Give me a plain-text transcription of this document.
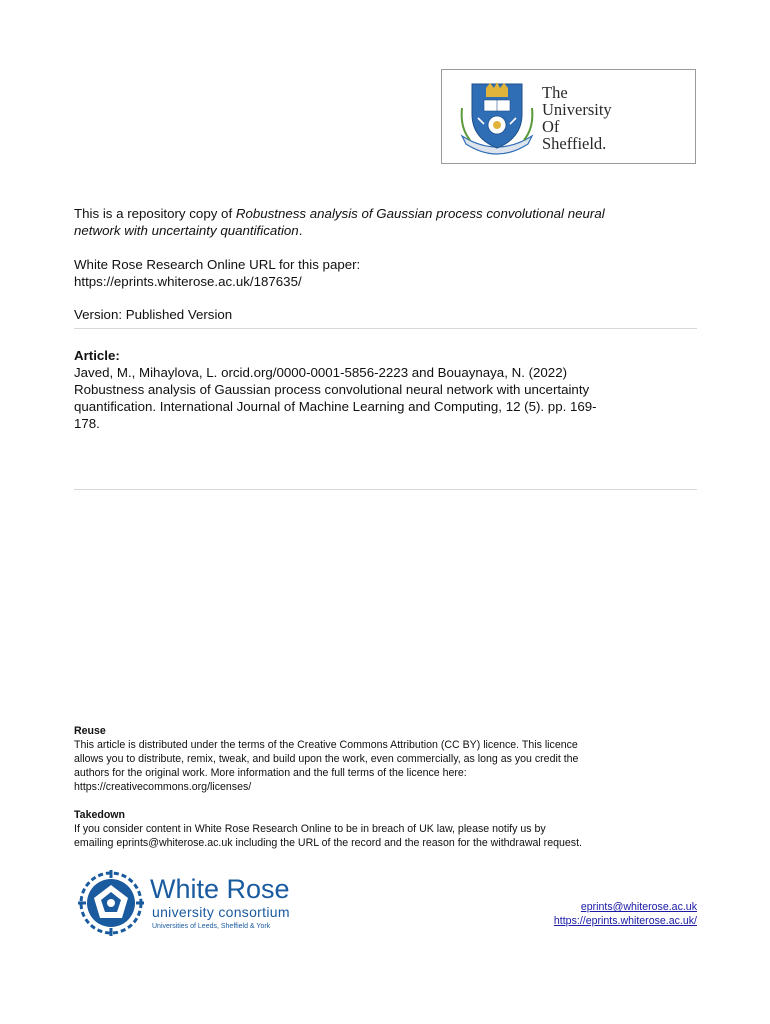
The
University
Of
Sheffield.
This is a repository copy of Robustness analysis of Gaussian process convolutional neural
network with uncertainty quantification.
White Rose Research Online URL for this paper:
https://eprints.whiterose.ac.uk/187635/
Version: Published Version
Article:
Javed, M., Mihaylova, L. orcid.org/0000-0001-5856-2223 and Bouaynaya, N. (2022)
Robustness analysis of Gaussian process convolutional neural network with uncertainty
quantification. International Journal of Machine Learning and Computing, 12 (5). pp. 169-
178.
Reuse
This article is distributed under the terms of the Creative Commons Attribution (CC BY) licence. This licence
allows you to distribute, remix, tweak, and build upon the work, even commercially, as long as you credit the
authors for the original work. More information and the full terms of the licence here:
https://creativecommons.org/licenses/
Takedown
If you consider content in White Rose Research Online to be in breach of UK law, please notify us by
emailing eprints@whiterose.ac.uk including the URL of the record and the reason for the withdrawal request.
White Rose
university consortium
Universities of Leeds, Sheffield & York
eprints@whiterose.ac.uk
https://eprints.whiterose.ac.uk/
